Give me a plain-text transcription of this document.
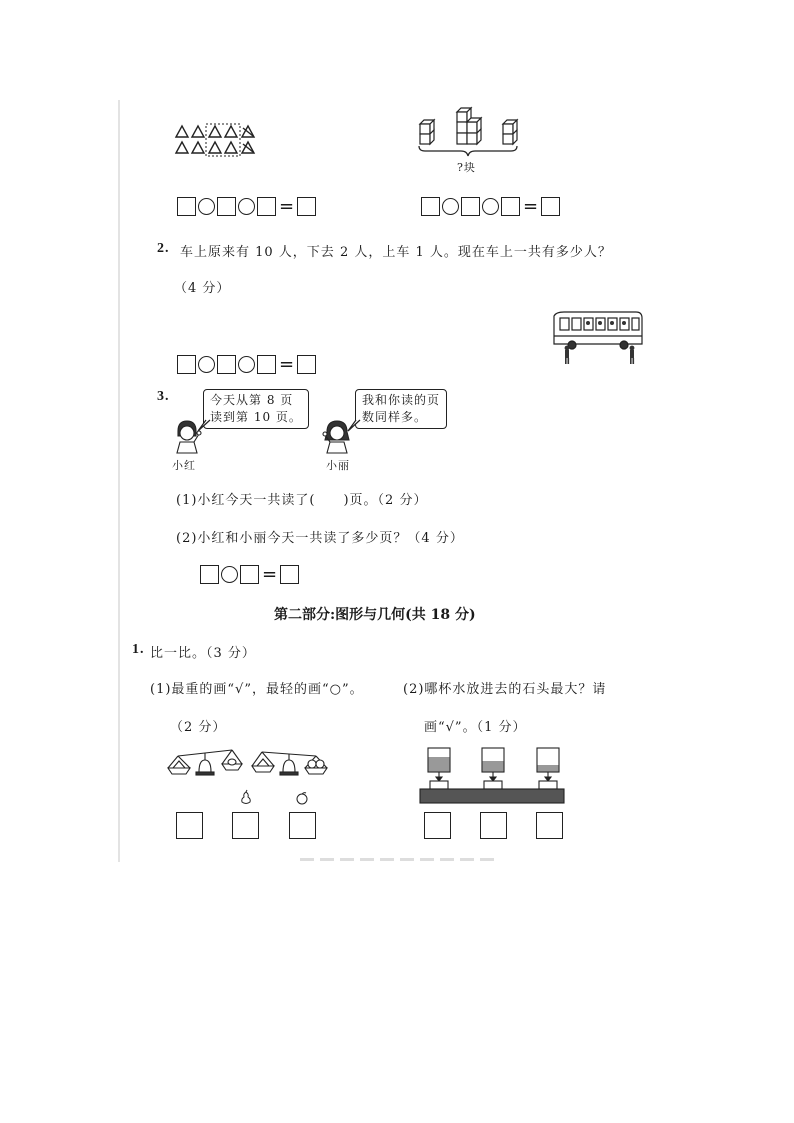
?块
=	=
2. 车上原来有 10 人，下去 2 人，上车 1 人。现在车上一共有多少人？
（4 分）
=
3.	今天从第 8 页
读到第 10 页。
我和你读的页
数同样多。
小红	小丽
(1)小红今天一共读了(　　)页。（2 分）
(2)小红和小丽今天一共读了多少页？（4 分）
=
第二部分:图形与几何(共 18 分)
1. 比一比。（3 分）
(1)最重的画“√”，最轻的画“○”。	(2)哪杯水放进去的石头最大？请
（2 分）	画“√”。（1 分）
